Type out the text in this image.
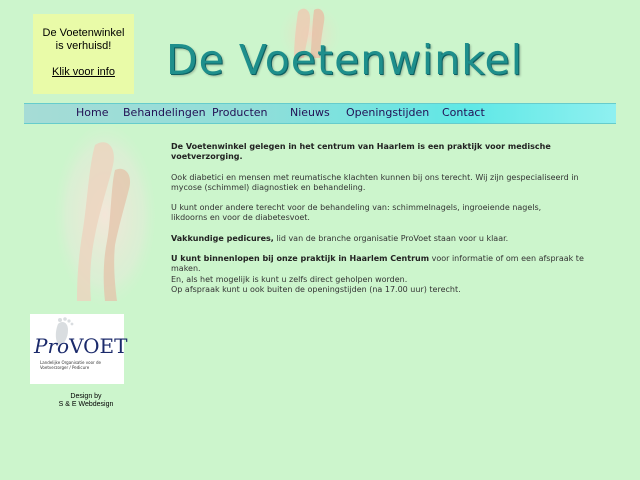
De Voetenwinkel
is verhuisd!
Klik voor info	De Voetenwinkel
Home Behandelingen Producten Nieuws Openingstijden Contact

De Voetenwinkel gelegen in het centrum van Haarlem is een praktijk voor medische voetverzorging.

Ook diabetici en mensen met reumatische klachten kunnen bij ons terecht. Wij zijn gespecialiseerd in
mycose (schimmel) diagnostiek en behandeling.

U kunt onder andere terecht voor de behandeling van: schimmelnagels, ingroeiende nagels,
likdoorns en voor de diabetesvoet.

Vakkundige pedicures, lid van de branche organisatie ProVoet staan voor u klaar.

U kunt binnenlopen bij onze praktijk in Haarlem Centrum voor informatie of om een afspraak te maken.
En, als het mogelijk is kunt u zelfs direct geholpen worden.
Op afspraak kunt u ook buiten de openingstijden (na 17.00 uur) terecht.

ProVOET
Landelijke Organisatie voor de
Voetverzorger / Pedicure
Design by
S & E Webdesign
